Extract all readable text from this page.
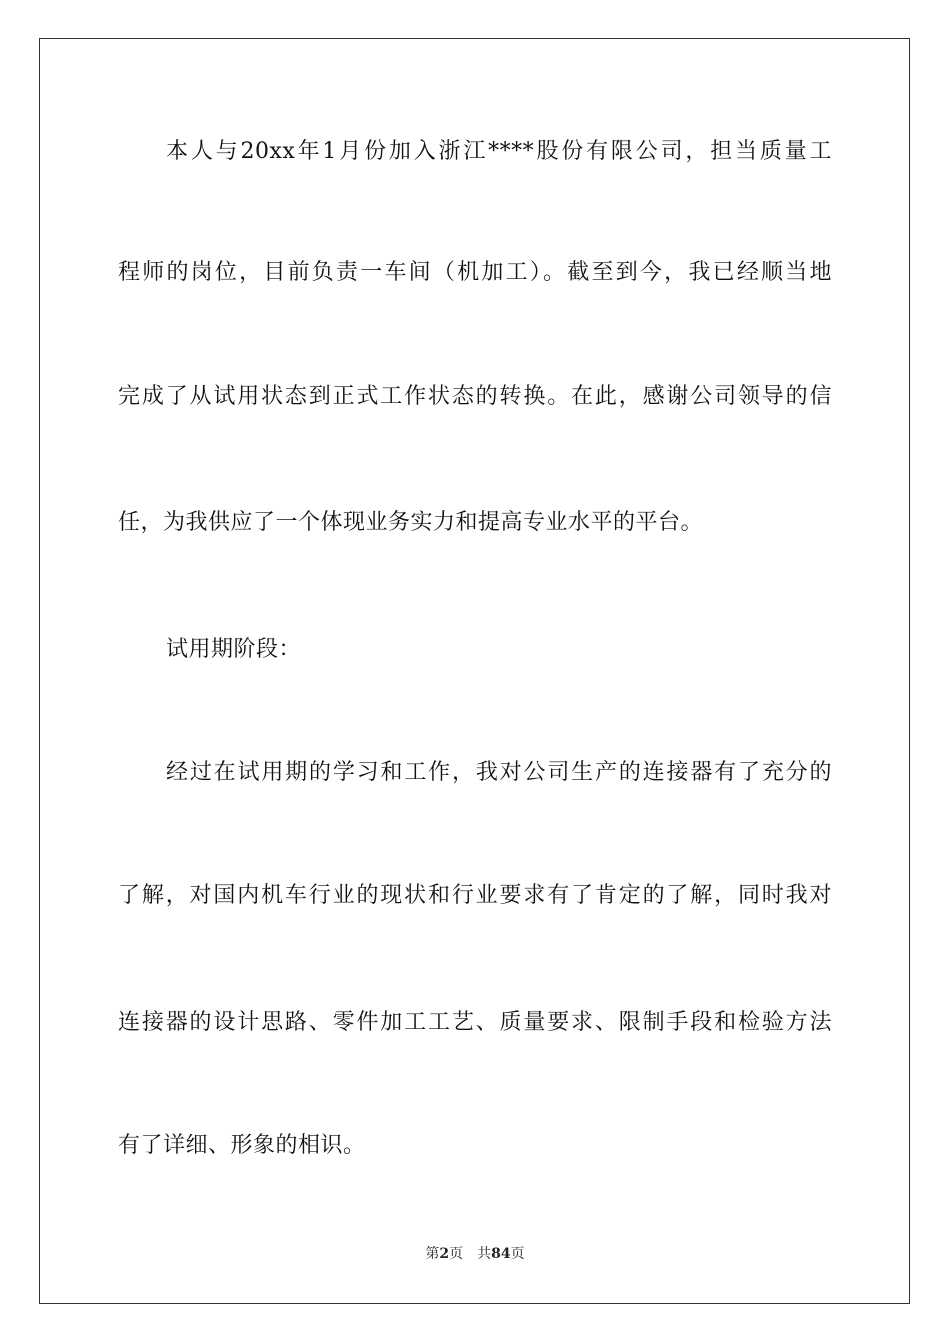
本人与20xx年1月份加入浙江****股份有限公司，担当质量工
程师的岗位，目前负责一车间（机加工）。截至到今，我已经顺当地
完成了从试用状态到正式工作状态的转换。在此，感谢公司领导的信
任，为我供应了一个体现业务实力和提高专业水平的平台。
试用期阶段：
经过在试用期的学习和工作，我对公司生产的连接器有了充分的
了解，对国内机车行业的现状和行业要求有了肯定的了解，同时我对
连接器的设计思路、零件加工工艺、质量要求、限制手段和检验方法
有了详细、形象的相识。
第2页 共84页
